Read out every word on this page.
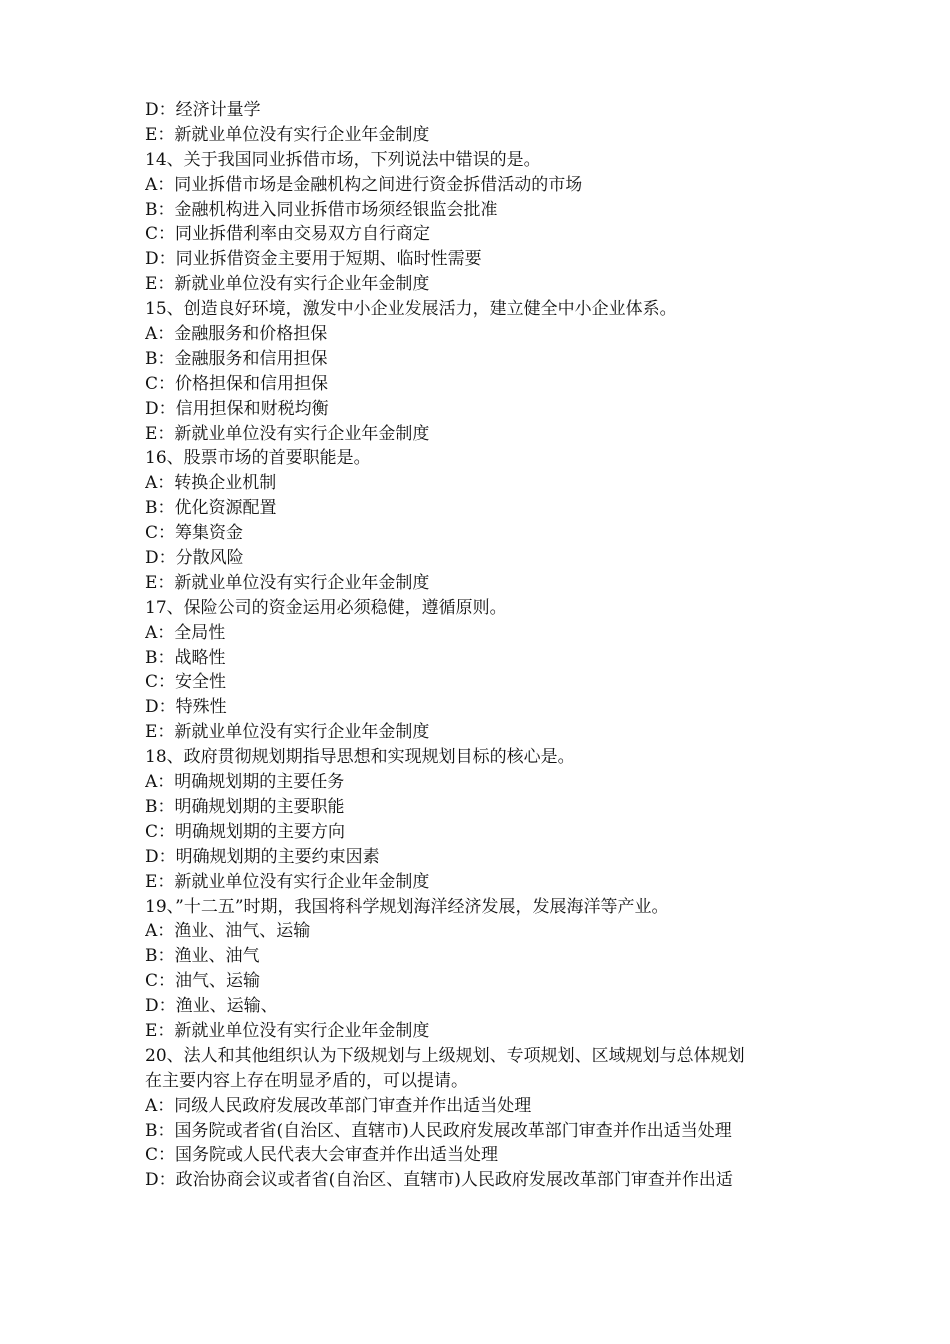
D：经济计量学
E：新就业单位没有实行企业年金制度
14、关于我国同业拆借市场，下列说法中错误的是。
A：同业拆借市场是金融机构之间进行资金拆借活动的市场
B：金融机构进入同业拆借市场须经银监会批准
C：同业拆借利率由交易双方自行商定
D：同业拆借资金主要用于短期、临时性需要
E：新就业单位没有实行企业年金制度
15、创造良好环境，激发中小企业发展活力，建立健全中小企业体系。
A：金融服务和价格担保
B：金融服务和信用担保
C：价格担保和信用担保
D：信用担保和财税均衡
E：新就业单位没有实行企业年金制度
16、股票市场的首要职能是。
A：转换企业机制
B：优化资源配置
C：筹集资金
D：分散风险
E：新就业单位没有实行企业年金制度
17、保险公司的资金运用必须稳健，遵循原则。
A：全局性
B：战略性
C：安全性
D：特殊性
E：新就业单位没有实行企业年金制度
18、政府贯彻规划期指导思想和实现规划目标的核心是。
A：明确规划期的主要任务
B：明确规划期的主要职能
C：明确规划期的主要方向
D：明确规划期的主要约束因素
E：新就业单位没有实行企业年金制度
19、”十二五”时期，我国将科学规划海洋经济发展，发展海洋等产业。
A：渔业、油气、运输
B：渔业、油气
C：油气、运输
D：渔业、运输、
E：新就业单位没有实行企业年金制度
20、法人和其他组织认为下级规划与上级规划、专项规划、区域规划与总体规划
在主要内容上存在明显矛盾的，可以提请。
A：同级人民政府发展改革部门审查并作出适当处理
B：国务院或者省(自治区、直辖市)人民政府发展改革部门审查并作出适当处理
C：国务院或人民代表大会审查并作出适当处理
D：政治协商会议或者省(自治区、直辖市)人民政府发展改革部门审查并作出适
